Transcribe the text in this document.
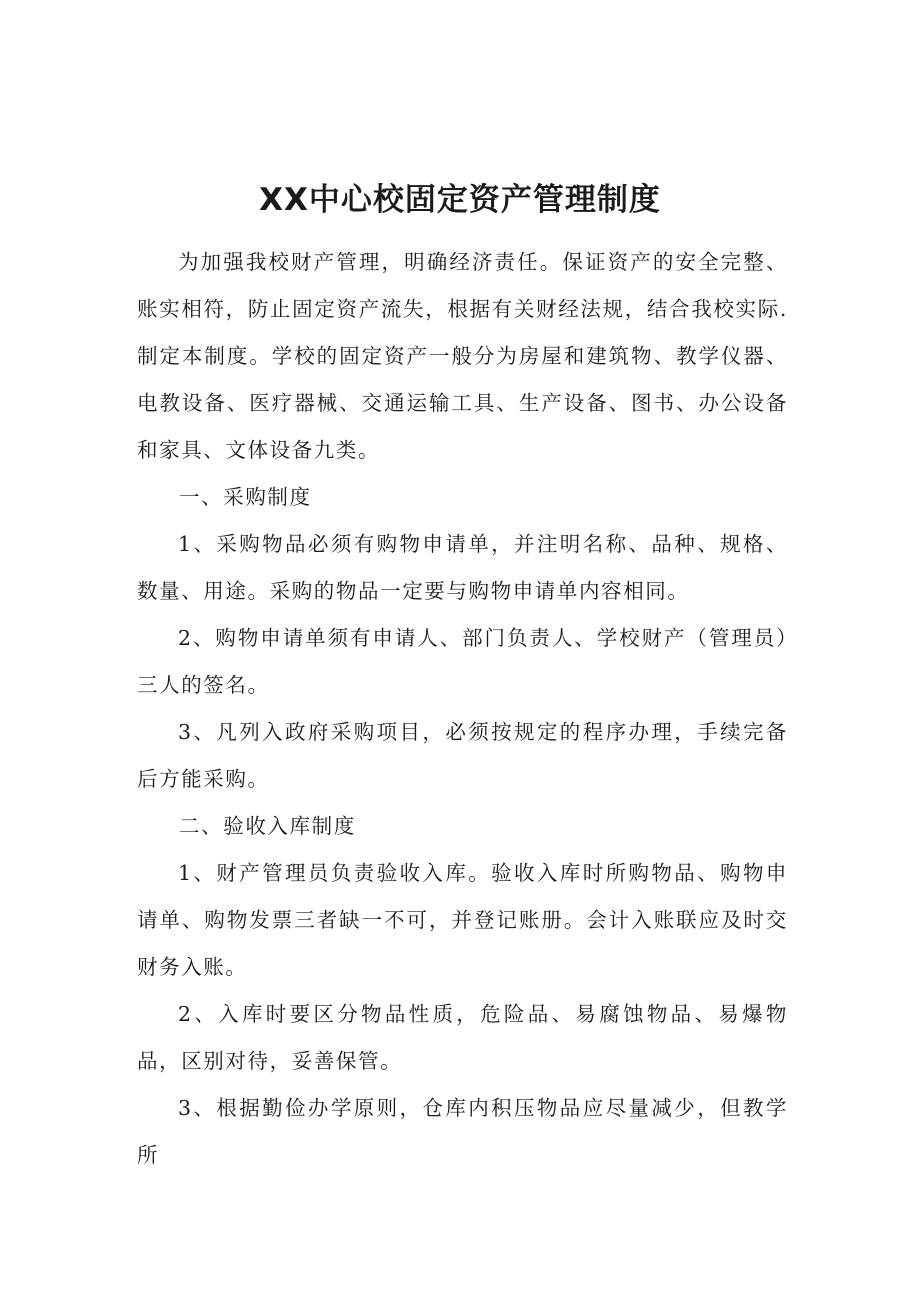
XX中心校固定资产管理制度

为加强我校财产管理，明确经济责任。保证资产的安全完整、账实相符，防止固定资产流失，根据有关财经法规，结合我校实际.制定本制度。学校的固定资产一般分为房屋和建筑物、教学仪器、电教设备、医疗器械、交通运输工具、生产设备、图书、办公设备和家具、文体设备九类。

一、采购制度

1、采购物品必须有购物申请单，并注明名称、品种、规格、数量、用途。采购的物品一定要与购物申请单内容相同。

2、购物申请单须有申请人、部门负责人、学校财产（管理员）三人的签名。

3、凡列入政府采购项目，必须按规定的程序办理，手续完备后方能采购。

二、验收入库制度

1、财产管理员负责验收入库。验收入库时所购物品、购物申请单、购物发票三者缺一不可，并登记账册。会计入账联应及时交财务入账。

2、入库时要区分物品性质，危险品、易腐蚀物品、易爆物品，区别对待，妥善保管。

3、根据勤俭办学原则，仓库内积压物品应尽量减少，但教学所
